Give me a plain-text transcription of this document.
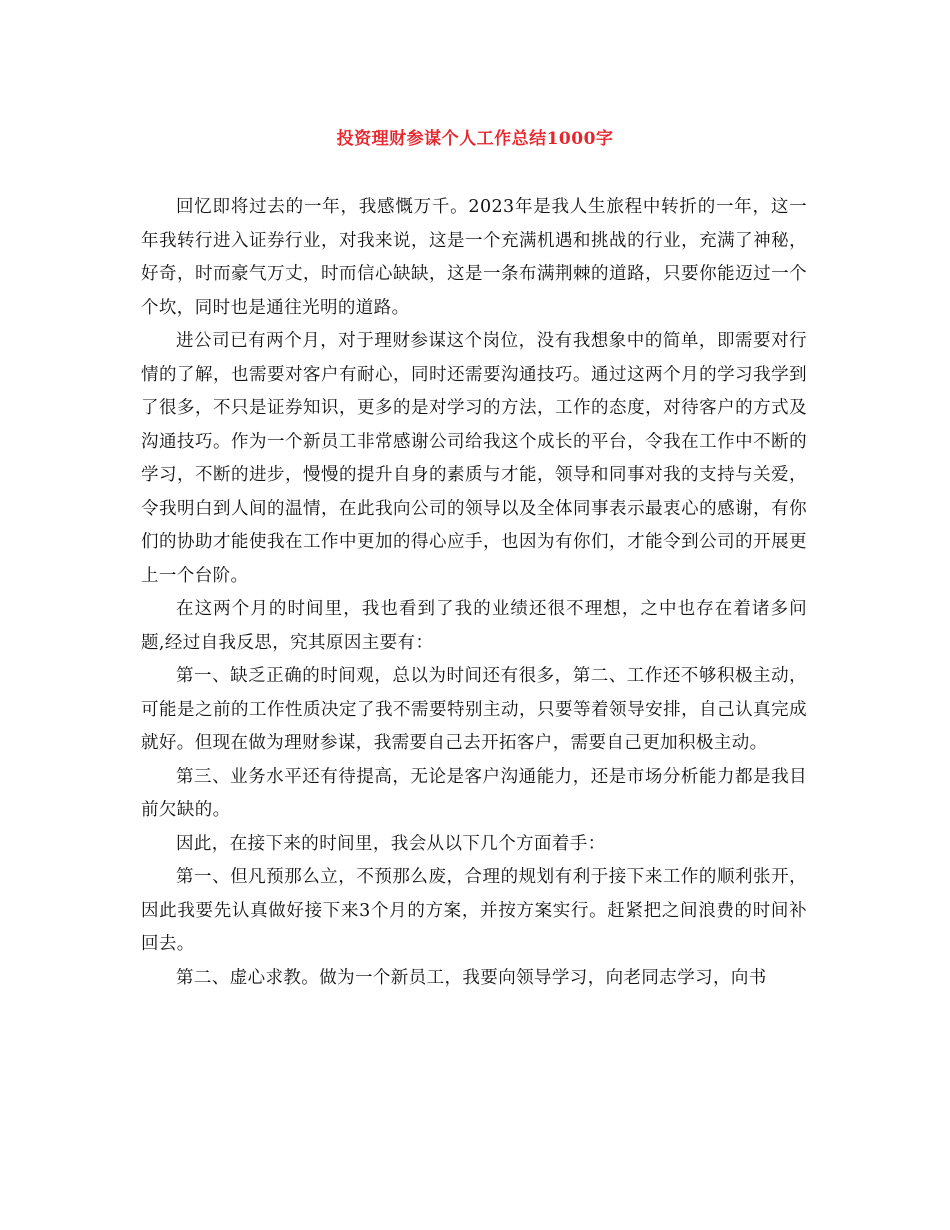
投资理财参谋个人工作总结1000字

回忆即将过去的一年，我感慨万千。2023年是我人生旅程中转折的一年，这一年我转行进入证券行业，对我来说，这是一个充满机遇和挑战的行业，充满了神秘，好奇，时而豪气万丈，时而信心缺缺，这是一条布满荆棘的道路，只要你能迈过一个个坎，同时也是通往光明的道路。

进公司已有两个月，对于理财参谋这个岗位，没有我想象中的简单，即需要对行情的了解，也需要对客户有耐心，同时还需要沟通技巧。通过这两个月的学习我学到了很多，不只是证券知识，更多的是对学习的方法，工作的态度，对待客户的方式及沟通技巧。作为一个新员工非常感谢公司给我这个成长的平台，令我在工作中不断的学习，不断的进步，慢慢的提升自身的素质与才能，领导和同事对我的支持与关爱，令我明白到人间的温情，在此我向公司的领导以及全体同事表示最衷心的感谢，有你们的协助才能使我在工作中更加的得心应手，也因为有你们，才能令到公司的开展更上一个台阶。

在这两个月的时间里，我也看到了我的业绩还很不理想，之中也存在着诸多问题,经过自我反思，究其原因主要有：

第一、缺乏正确的时间观，总以为时间还有很多，第二、工作还不够积极主动，可能是之前的工作性质决定了我不需要特别主动，只要等着领导安排，自己认真完成就好。但现在做为理财参谋，我需要自己去开拓客户，需要自己更加积极主动。

第三、业务水平还有待提高，无论是客户沟通能力，还是市场分析能力都是我目前欠缺的。

因此，在接下来的时间里，我会从以下几个方面着手：

第一、但凡预那么立，不预那么废，合理的规划有利于接下来工作的顺利张开，因此我要先认真做好接下来3个月的方案，并按方案实行。赶紧把之间浪费的时间补回去。

第二、虚心求教。做为一个新员工，我要向领导学习，向老同志学习，向书
